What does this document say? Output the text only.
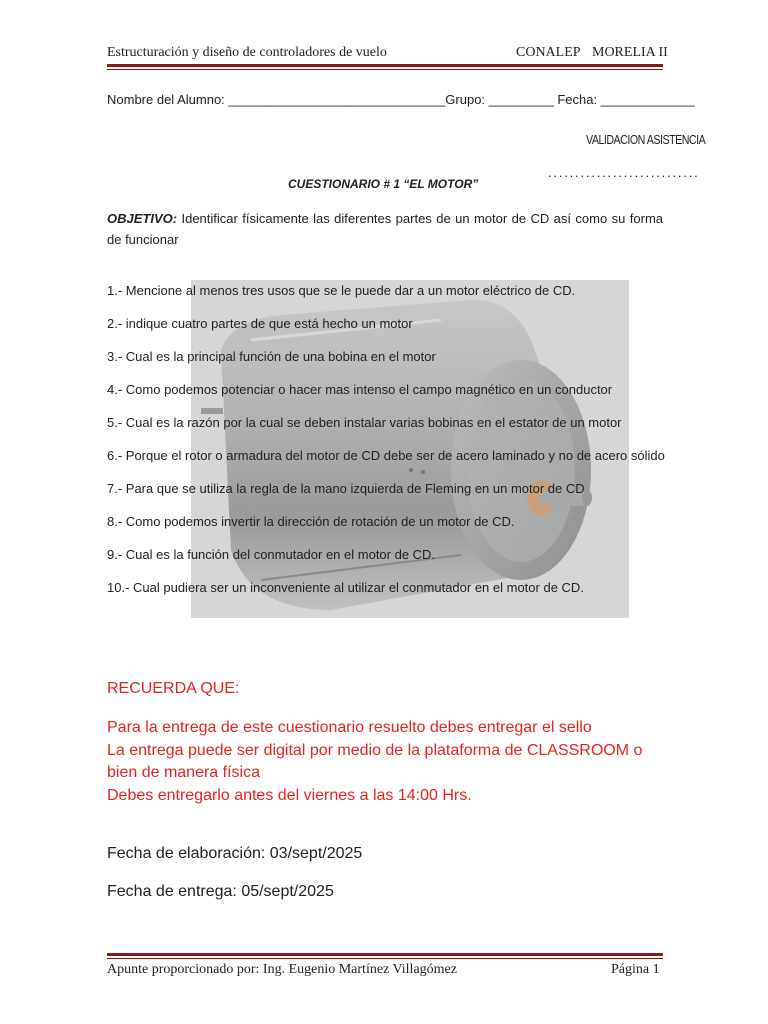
Estructuración y diseño de controladores de vuelo	CONALEP MORELIA II
Nombre del Alumno: ______________________________Grupo: _________ Fecha: _____________
VALIDACION ASISTENCIA
............................
CUESTIONARIO # 1 “EL MOTOR”
OBJETIVO: Identificar físicamente las diferentes partes de un motor de CD así como su forma de funcionar
1.- Mencione al menos tres usos que se le puede dar a un motor eléctrico de CD.
2.- indique cuatro partes de que está hecho un motor
3.- Cual es la principal función de una bobina en el motor
4.- Como podemos potenciar o hacer mas intenso el campo magnético en un conductor
5.- Cual es la razón por la cual se deben instalar varias bobinas en el estator de un motor
6.- Porque el rotor o armadura del motor de CD debe ser de acero laminado y no de acero sólido
7.- Para que se utiliza la regla de la mano izquierda de Fleming en un motor de CD
8.- Como podemos invertir la dirección de rotación de un motor de CD.
9.- Cual es la función del conmutador en el motor de CD.
10.- Cual pudiera ser un inconveniente al utilizar el conmutador en el motor de CD.
RECUERDA QUE:
Para la entrega de este cuestionario resuelto debes entregar el sello
La entrega puede ser digital por medio de la plataforma de CLASSROOM o bien de manera física
Debes entregarlo antes del viernes a las 14:00 Hrs.
Fecha de elaboración: 03/sept/2025
Fecha de entrega: 05/sept/2025
Apunte proporcionado por: Ing. Eugenio Martínez Villagómez	Página 1
